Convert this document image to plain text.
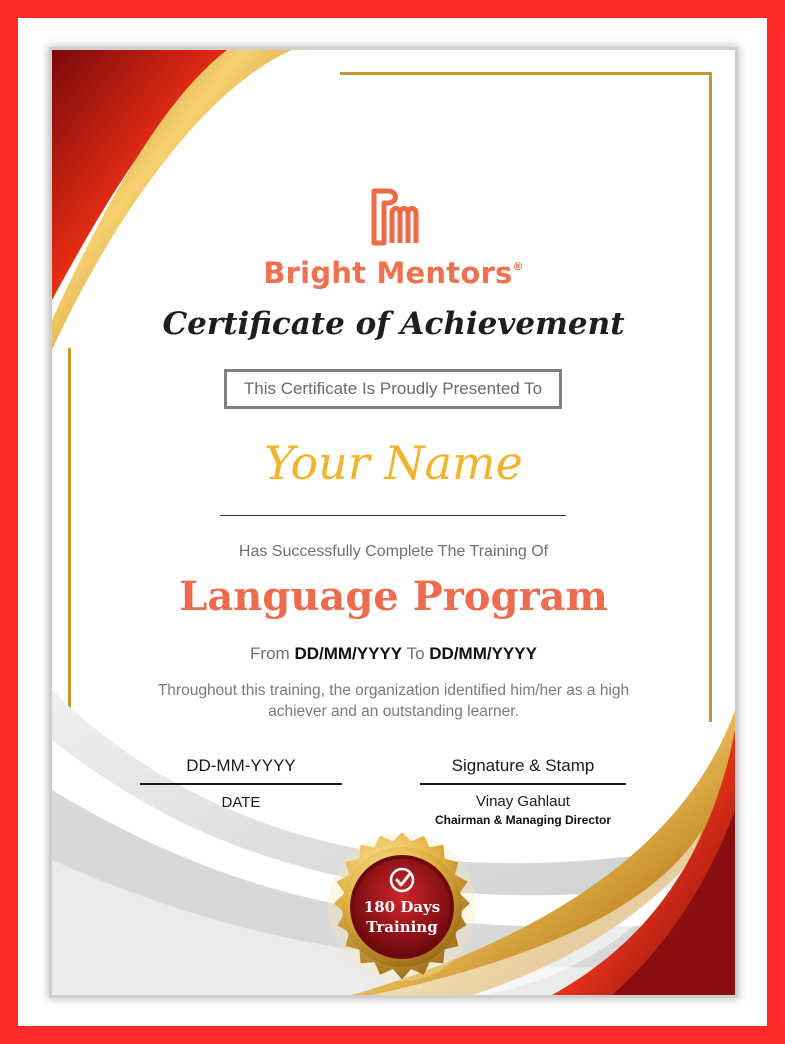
Bright Mentors®
Certificate of Achievement
This Certificate Is Proudly Presented To
Your Name
Has Successfully Complete The Training Of
Language Program
From DD/MM/YYYY To DD/MM/YYYY
Throughout this training, the organization identified him/her as a high achiever and an outstanding learner.
DD-MM-YYYY
DATE
Signature & Stamp
Vinay Gahlaut
Chairman & Managing Director
180 Days
Training
